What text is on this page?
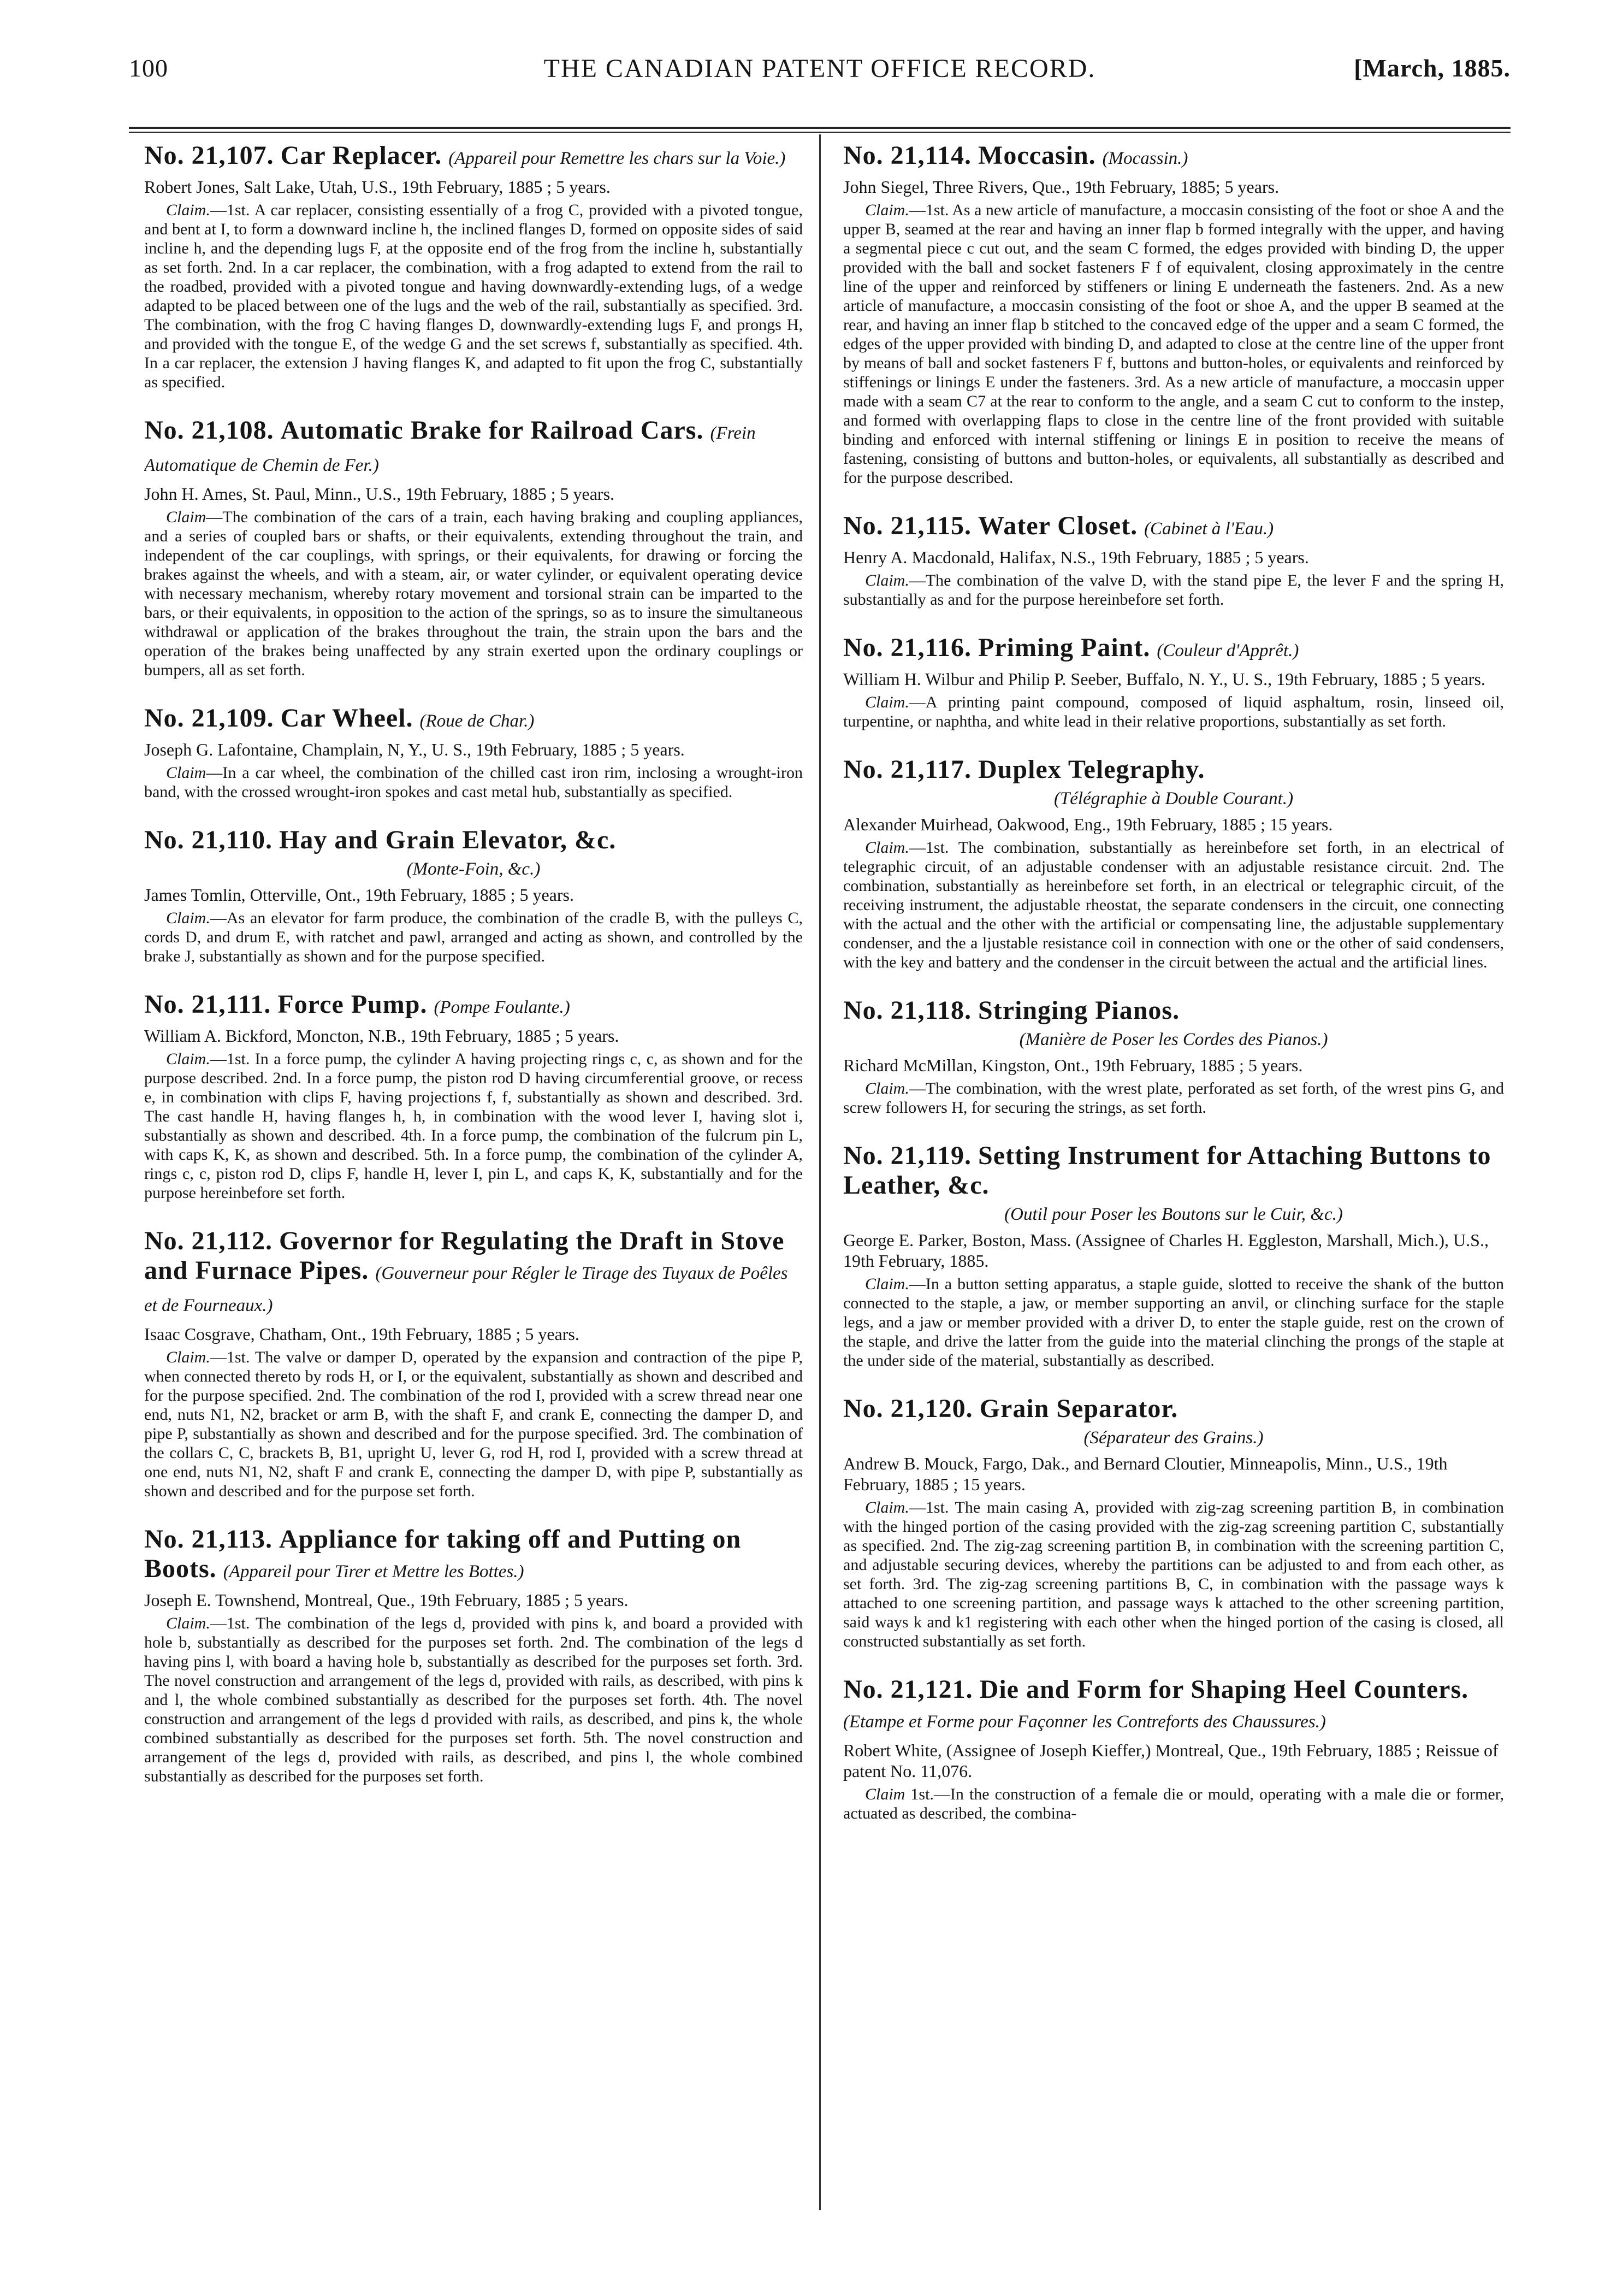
100	THE CANADIAN PATENT OFFICE RECORD.	[March, 1885.
No. 21,107. Car Replacer. (Appareil pour Remettre les chars sur la Voie.)
Robert Jones, Salt Lake, Utah, U.S., 19th February, 1885 ; 5 years.
Claim.—1st. A car replacer, consisting essentially of a frog C, provided with a pivoted tongue, and bent at I, to form a downward incline h, the inclined flanges D, formed on opposite sides of said incline h, and the depending lugs F, at the opposite end of the frog from the incline h, substantially as set forth. 2nd. In a car replacer, the combination, with a frog adapted to extend from the rail to the roadbed, provided with a pivoted tongue and having downwardly-extending lugs, of a wedge adapted to be placed between one of the lugs and the web of the rail, substantially as specified. 3rd. The combination, with the frog C having flanges D, downwardly-extending lugs F, and prongs H, and provided with the tongue E, of the wedge G and the set screws f, substantially as specified. 4th. In a car replacer, the extension J having flanges K, and adapted to fit upon the frog C, substantially as specified.
No. 21,108. Automatic Brake for Railroad Cars. (Frein Automatique de Chemin de Fer.)
John H. Ames, St. Paul, Minn., U.S., 19th February, 1885 ; 5 years.
Claim—The combination of the cars of a train, each having braking and coupling appliances, and a series of coupled bars or shafts, or their equivalents, extending throughout the train, and independent of the car couplings, with springs, or their equivalents, for drawing or forcing the brakes against the wheels, and with a steam, air, or water cylinder, or equivalent operating device with necessary mechanism, whereby rotary movement and torsional strain can be imparted to the bars, or their equivalents, in opposition to the action of the springs, so as to insure the simultaneous withdrawal or application of the brakes throughout the train, the strain upon the bars and the operation of the brakes being unaffected by any strain exerted upon the ordinary couplings or bumpers, all as set forth.
No. 21,109. Car Wheel. (Roue de Char.)
Joseph G. Lafontaine, Champlain, N, Y., U. S., 19th February, 1885 ; 5 years.
Claim—In a car wheel, the combination of the chilled cast iron rim, inclosing a wrought-iron band, with the crossed wrought-iron spokes and cast metal hub, substantially as specified.
No. 21,110. Hay and Grain Elevator, &c.
(Monte-Foin, &c.)
James Tomlin, Otterville, Ont., 19th February, 1885 ; 5 years.
Claim.—As an elevator for farm produce, the combination of the cradle B, with the pulleys C, cords D, and drum E, with ratchet and pawl, arranged and acting as shown, and controlled by the brake J, substantially as shown and for the purpose specified.
No. 21,111. Force Pump. (Pompe Foulante.)
William A. Bickford, Moncton, N.B., 19th February, 1885 ; 5 years.
Claim.—1st. In a force pump, the cylinder A having projecting rings c, c, as shown and for the purpose described. 2nd. In a force pump, the piston rod D having circumferential groove, or recess e, in combination with clips F, having projections f, f, substantially as shown and described. 3rd. The cast handle H, having flanges h, h, in combination with the wood lever I, having slot i, substantially as shown and described. 4th. In a force pump, the combination of the fulcrum pin L, with caps K, K, as shown and described. 5th. In a force pump, the combination of the cylinder A, rings c, c, piston rod D, clips F, handle H, lever I, pin L, and caps K, K, substantially and for the purpose hereinbefore set forth.
No. 21,112. Governor for Regulating the Draft in Stove and Furnace Pipes. (Gouverneur pour Régler le Tirage des Tuyaux de Poêles et de Fourneaux.)
Isaac Cosgrave, Chatham, Ont., 19th February, 1885 ; 5 years.
Claim.—1st. The valve or damper D, operated by the expansion and contraction of the pipe P, when connected thereto by rods H, or I, or the equivalent, substantially as shown and described and for the purpose specified. 2nd. The combination of the rod I, provided with a screw thread near one end, nuts N1, N2, bracket or arm B, with the shaft F, and crank E, connecting the damper D, and pipe P, substantially as shown and described and for the purpose specified. 3rd. The combination of the collars C, C, brackets B, B1, upright U, lever G, rod H, rod I, provided with a screw thread at one end, nuts N1, N2, shaft F and crank E, connecting the damper D, with pipe P, substantially as shown and described and for the purpose set forth.
No. 21,113. Appliance for taking off and Putting on Boots. (Appareil pour Tirer et Mettre les Bottes.)
Joseph E. Townshend, Montreal, Que., 19th February, 1885 ; 5 years.
Claim.—1st. The combination of the legs d, provided with pins k, and board a provided with hole b, substantially as described for the purposes set forth. 2nd. The combination of the legs d having pins l, with board a having hole b, substantially as described for the purposes set forth. 3rd. The novel construction and arrangement of the legs d, provided with rails, as described, with pins k and l, the whole combined substantially as described for the purposes set forth. 4th. The novel construction and arrangement of the legs d provided with rails, as described, and pins k, the whole combined substantially as described for the purposes set forth. 5th. The novel construction and arrangement of the legs d, provided with rails, as described, and pins l, the whole combined substantially as described for the purposes set forth.
No. 21,114. Moccasin. (Mocassin.)
John Siegel, Three Rivers, Que., 19th February, 1885; 5 years.
Claim.—1st. As a new article of manufacture, a moccasin consisting of the foot or shoe A and the upper B, seamed at the rear and having an inner flap b formed integrally with the upper, and having a segmental piece c cut out, and the seam C formed, the edges provided with binding D, the upper provided with the ball and socket fasteners F f of equivalent, closing approximately in the centre line of the upper and reinforced by stiffeners or lining E underneath the fasteners. 2nd. As a new article of manufacture, a moccasin consisting of the foot or shoe A, and the upper B seamed at the rear, and having an inner flap b stitched to the concaved edge of the upper and a seam C formed, the edges of the upper provided with binding D, and adapted to close at the centre line of the upper front by means of ball and socket fasteners F f, buttons and button-holes, or equivalents and reinforced by stiffenings or linings E under the fasteners. 3rd. As a new article of manufacture, a moccasin upper made with a seam C7 at the rear to conform to the angle, and a seam C cut to conform to the instep, and formed with overlapping flaps to close in the centre line of the front provided with suitable binding and enforced with internal stiffening or linings E in position to receive the means of fastening, consisting of buttons and button-holes, or equivalents, all substantially as described and for the purpose described.
No. 21,115. Water Closet. (Cabinet à l'Eau.)
Henry A. Macdonald, Halifax, N.S., 19th February, 1885 ; 5 years.
Claim.—The combination of the valve D, with the stand pipe E, the lever F and the spring H, substantially as and for the purpose hereinbefore set forth.
No. 21,116. Priming Paint. (Couleur d'Apprêt.)
William H. Wilbur and Philip P. Seeber, Buffalo, N. Y., U. S., 19th February, 1885 ; 5 years.
Claim.—A printing paint compound, composed of liquid asphaltum, rosin, linseed oil, turpentine, or naphtha, and white lead in their relative proportions, substantially as set forth.
No. 21,117. Duplex Telegraphy.
(Télégraphie à Double Courant.)
Alexander Muirhead, Oakwood, Eng., 19th February, 1885 ; 15 years.
Claim.—1st. The combination, substantially as hereinbefore set forth, in an electrical of telegraphic circuit, of an adjustable condenser with an adjustable resistance circuit. 2nd. The combination, substantially as hereinbefore set forth, in an electrical or telegraphic circuit, of the receiving instrument, the adjustable rheostat, the separate condensers in the circuit, one connecting with the actual and the other with the artificial or compensating line, the adjustable supplementary condenser, and the a ljustable resistance coil in connection with one or the other of said condensers, with the key and battery and the condenser in the circuit between the actual and the artificial lines.
No. 21,118. Stringing Pianos.
(Manière de Poser les Cordes des Pianos.)
Richard McMillan, Kingston, Ont., 19th February, 1885 ; 5 years.
Claim.—The combination, with the wrest plate, perforated as set forth, of the wrest pins G, and screw followers H, for securing the strings, as set forth.
No. 21,119. Setting Instrument for Attaching Buttons to Leather, &c.
(Outil pour Poser les Boutons sur le Cuir, &c.)
George E. Parker, Boston, Mass. (Assignee of Charles H. Eggleston, Marshall, Mich.), U.S., 19th February, 1885.
Claim.—In a button setting apparatus, a staple guide, slotted to receive the shank of the button connected to the staple, a jaw, or member supporting an anvil, or clinching surface for the staple legs, and a jaw or member provided with a driver D, to enter the staple guide, rest on the crown of the staple, and drive the latter from the guide into the material clinching the prongs of the staple at the under side of the material, substantially as described.
No. 21,120. Grain Separator.
(Séparateur des Grains.)
Andrew B. Mouck, Fargo, Dak., and Bernard Cloutier, Minneapolis, Minn., U.S., 19th February, 1885 ; 15 years.
Claim.—1st. The main casing A, provided with zig-zag screening partition B, in combination with the hinged portion of the casing provided with the zig-zag screening partition C, substantially as specified. 2nd. The zig-zag screening partition B, in combination with the screening partition C, and adjustable securing devices, whereby the partitions can be adjusted to and from each other, as set forth. 3rd. The zig-zag screening partitions B, C, in combination with the passage ways k attached to one screening partition, and passage ways k attached to the other screening partition, said ways k and k1 registering with each other when the hinged portion of the casing is closed, all constructed substantially as set forth.
No. 21,121. Die and Form for Shaping Heel Counters. (Etampe et Forme pour Façonner les Contreforts des Chaussures.)
Robert White, (Assignee of Joseph Kieffer,) Montreal, Que., 19th February, 1885 ; Reissue of patent No. 11,076.
Claim 1st.—In the construction of a female die or mould, operating with a male die or former, actuated as described, the combina-
